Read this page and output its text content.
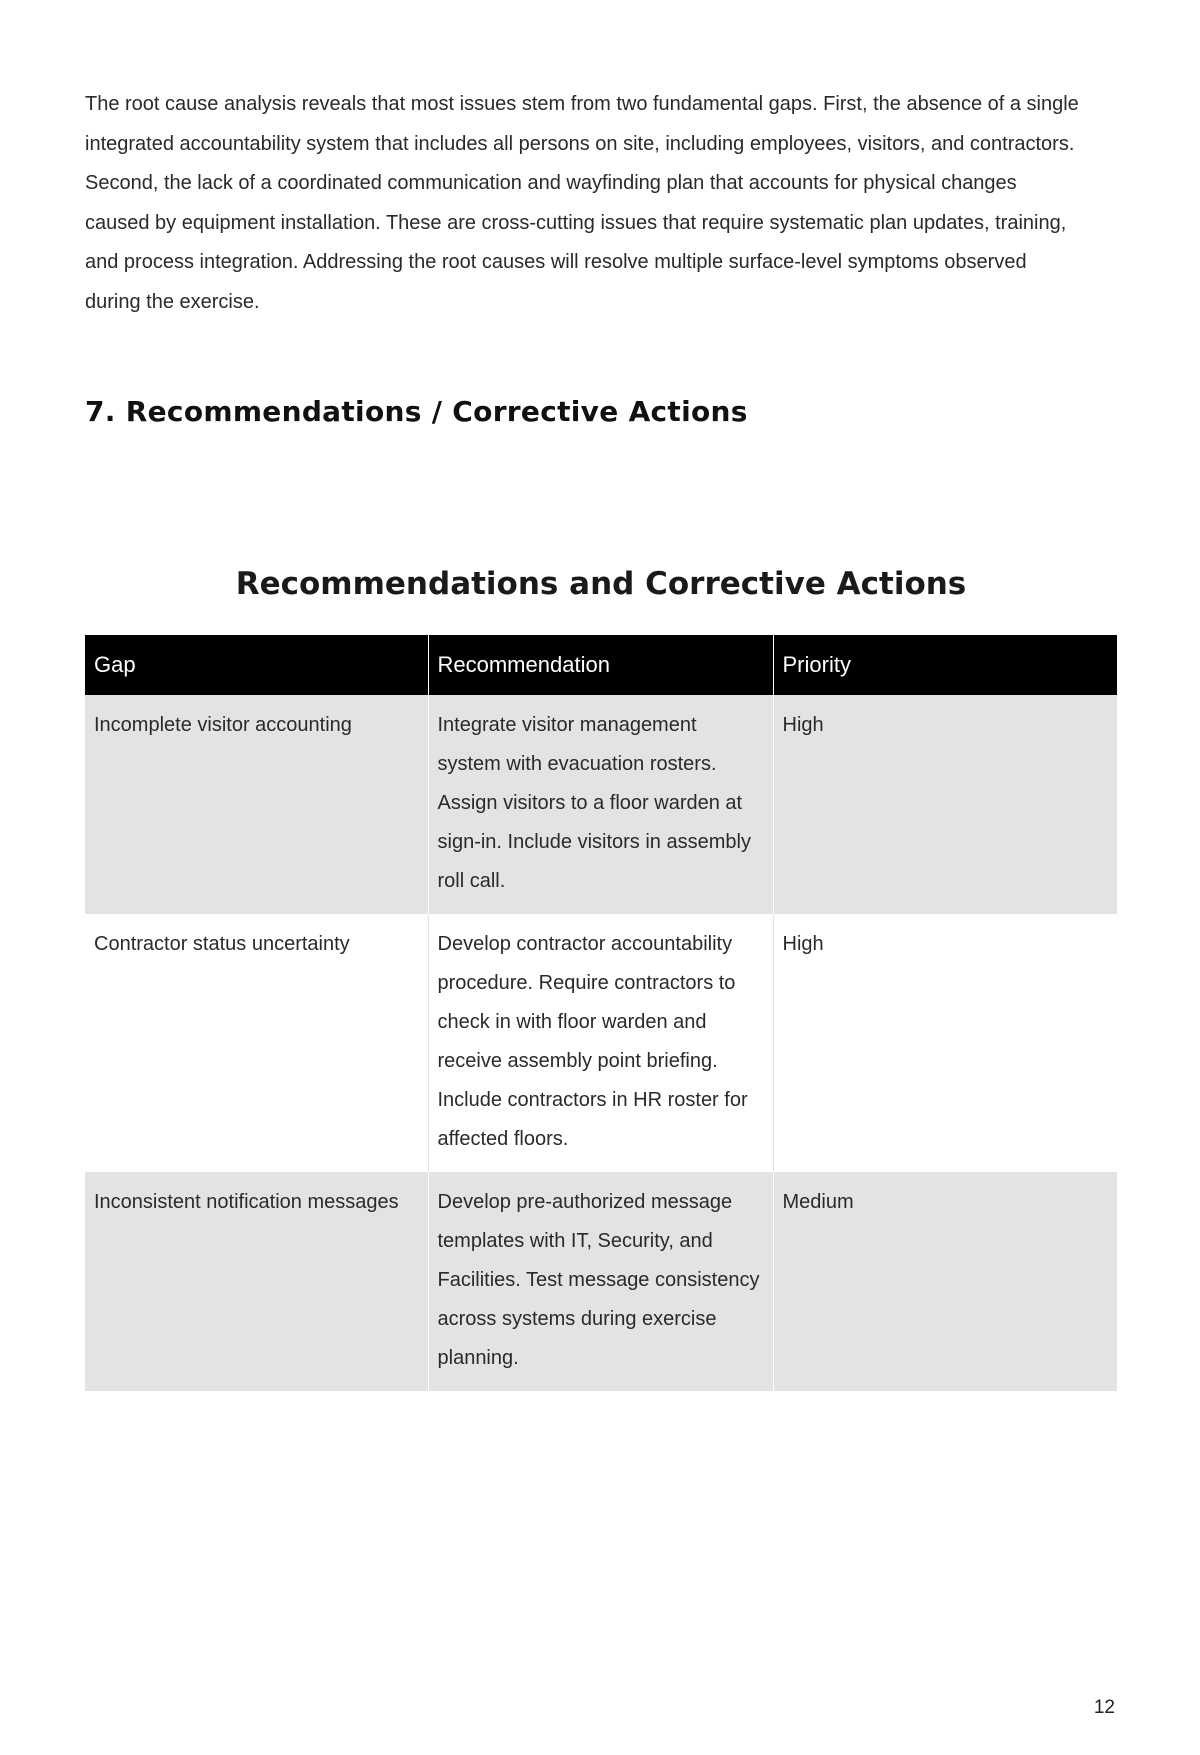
The root cause analysis reveals that most issues stem from two fundamental gaps. First, the absence of a single integrated accountability system that includes all persons on site, including employees, visitors, and contractors. Second, the lack of a coordinated communication and wayfinding plan that accounts for physical changes caused by equipment installation. These are cross-cutting issues that require systematic plan updates, training, and process integration. Addressing the root causes will resolve multiple surface-level symptoms observed during the exercise.

7. Recommendations / Corrective Actions
Recommendations and Corrective Actions
Gap	Recommendation	Priority
Incomplete visitor accounting	Integrate visitor management system with evacuation rosters. Assign visitors to a floor warden at sign-in. Include visitors in assembly roll call.	High
Contractor status uncertainty	Develop contractor accountability procedure. Require contractors to check in with floor warden and receive assembly point briefing. Include contractors in HR roster for affected floors.	High
Inconsistent notification messages	Develop pre-authorized message templates with IT, Security, and Facilities. Test message consistency across systems during exercise planning.	Medium
12
